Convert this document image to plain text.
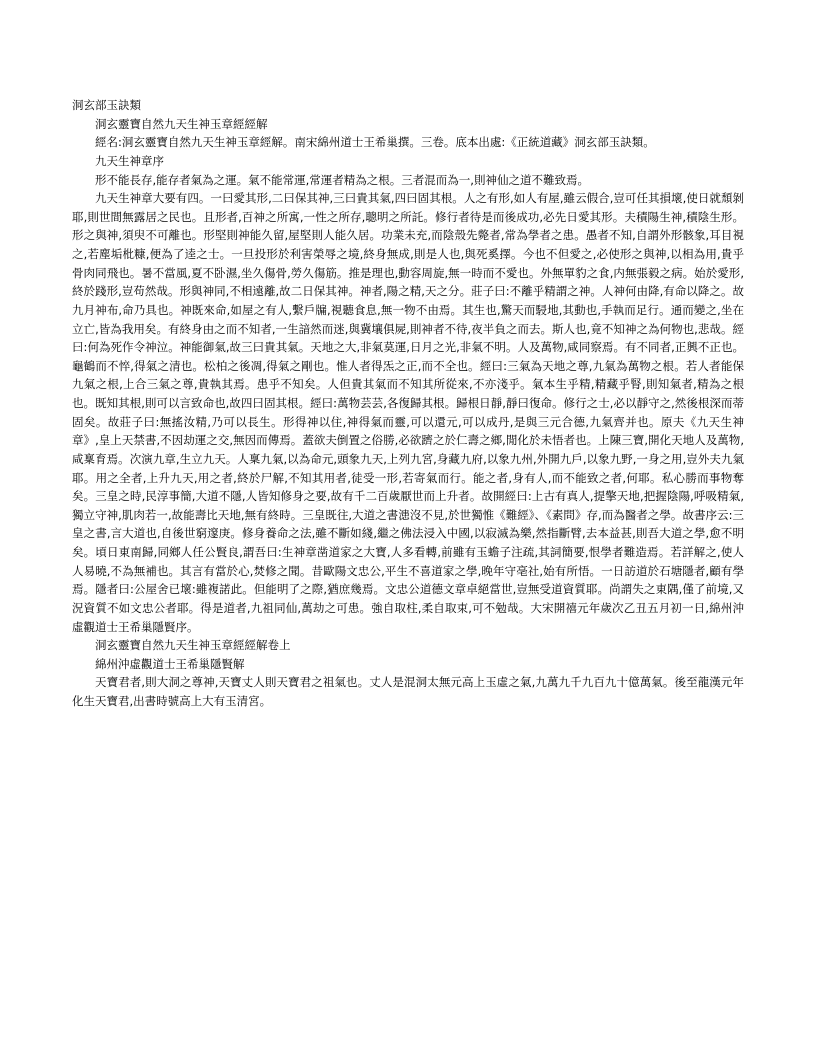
洞玄部玉訣類

洞玄靈寶自然九天生神玉章經經解

經名:洞玄靈寶自然九天生神玉章經解。南宋綿州道士王希巢撰。三卷。底本出處:《正統道藏》洞玄部玉訣類。

九天生神章序

形不能長存,能存者氣為之運。氣不能常運,常運者精為之根。三者混而為一,則神仙之道不難致焉。

九天生神章大要有四。一曰愛其形,二曰保其神,三曰貴其氣,四曰固其根。人之有形,如人有屋,雖云假合,豈可任其損壞,使日就頹剝耶,則世間無露居之民也。且形者,百神之所寓,一性之所存,聰明之所託。修行者待是而後成功,必先日愛其形。夫積陽生神,積陰生形。形之與神,須臾不可離也。形堅則神能久留,屋堅則人能久居。功業未充,而陰殼先斃者,常為學者之患。愚者不知,自謂外形骸象,耳目視之,若塵垢枇糠,便為了逵之士。一旦投形於利害榮辱之境,終身無成,則是人也,與死奚擇。今也不但愛之,必使形之與神,以相為用,貴乎骨肉同飛也。暑不當風,夏不卧濕,坐久傷骨,勞久傷筋。推是理也,動容周旋,無一時而不愛也。外無單豹之食,内無張毅之病。始於愛形,終於踐形,豈苟然哉。形與神同,不相遠離,故二日保其神。神者,陽之精,天之分。莊子曰:不離乎精謂之神。人神何由降,有命以降之。故九月神布,命乃具也。神既來命,如屋之有人,繫戶牖,視聽食息,無一物不由焉。其生也,驚天而駸地,其動也,手執而足行。通而變之,坐在立亡,皆為我用矣。有終身由之而不知者,一生諳然而迷,與冀壤俱屍,則神者不待,夜半負之而去。斯人也,竟不知神之為何物也,悲哉。經曰:何為死作令神泣。神能御氣,故三曰貴其氣。天地之大,非氣莫運,日月之光,非氣不明。人及萬物,咸同察焉。有不同者,正興不正也。龜鶴而不悴,得氣之清也。松柏之後凋,得氣之剛也。惟人者得炁之正,而不全也。經曰:三氣為天地之尊,九氣為萬物之根。若人者能保九氣之根,上合三氣之尊,貴執其焉。患乎不知矣。人但貴其氣而不知其所從來,不亦淺乎。氣本生乎精,精藏乎腎,則知氣者,精為之根也。既知其根,則可以言致命也,故四曰固其根。經曰:萬物芸芸,各復歸其根。歸根日靜,靜曰復命。修行之士,必以靜守之,然後根深而蒂固矣。故莊子曰:無搖汝精,乃可以長生。形得神以住,神得氣而靈,可以還元,可以成丹,是與三元合德,九氣齊并也。原夫《九天生神章》,皇上天禁書,不因劫運之交,無因而傳焉。蓋欲夫倒置之俗勝,必欲躋之於仁壽之鄉,閒化於未悟者也。上陳三寶,開化天地人及萬物,咸稟育焉。次演九章,生立九天。人稟九氣,以為命元,頭象九天,上列九宮,身藏九府,以象九州,外開九戶,以象九野,一身之用,豈外夫九氣耶。用之全者,上升九天,用之者,終於尸解,不知其用者,徒受一形,若寄氣而行。能之者,身有人,而不能致之者,何耶。私心勝而事物奪矣。三皇之時,民淳事簡,大道不隱,人皆知修身之要,故有千二百歲厭世而上升者。故開經曰:上古有真人,提擎天地,把握陰陽,呼吸精氣,獨立守神,肌肉若一,故能壽比天地,無有終時。三皇既往,大道之書漶沒不見,於世獨惟《難經》、《素問》存,而為醫者之學。故書序云:三皇之書,言大道也,自後世窮邃庚。修身養命之法,雖不斷如綫,繼之佛法浸入中國,以寂滅為樂,然指斷臂,去本益甚,則吾大道之學,愈不明矣。頃日東南歸,同鄉人任公賢良,謂吾曰:生神章凿道家之大寶,人多看轉,前雖有玉蟾子注疏,其詞簡要,恨學者難造焉。若詳解之,使人人易曉,不為無補也。其言有當於心,焚修之聞。昔歐陽文忠公,平生不喜道家之學,晚年守亳社,始有所悟。一日訪道於石塘隱者,顧有學焉。隱者曰:公屋舍已壞:雖複諾此。但能明了之際,猶庶幾焉。文忠公道德文章卓絕當世,豈無受道資質耶。尚謂失之東隅,僅了前境,又況資質不如文忠公者耶。得是道者,九祖同仙,萬劫之可患。強自取柱,柔自取束,可不勉哉。大宋開禧元年歲次乙丑五月初一日,綿州沖虛觀道士王希巢隱賢序。

洞玄靈寶自然九天生神玉章經經解卷上

綿州沖虛觀道士王希巢隱賢解

天寶君者,則大洞之尊神,天寶丈人則天寶君之祖氣也。丈人是混洞太無元高上玉虛之氣,九萬九千九百九十億萬氣。後至龍漢元年化生天寶君,出書時號高上大有玉清宮。
